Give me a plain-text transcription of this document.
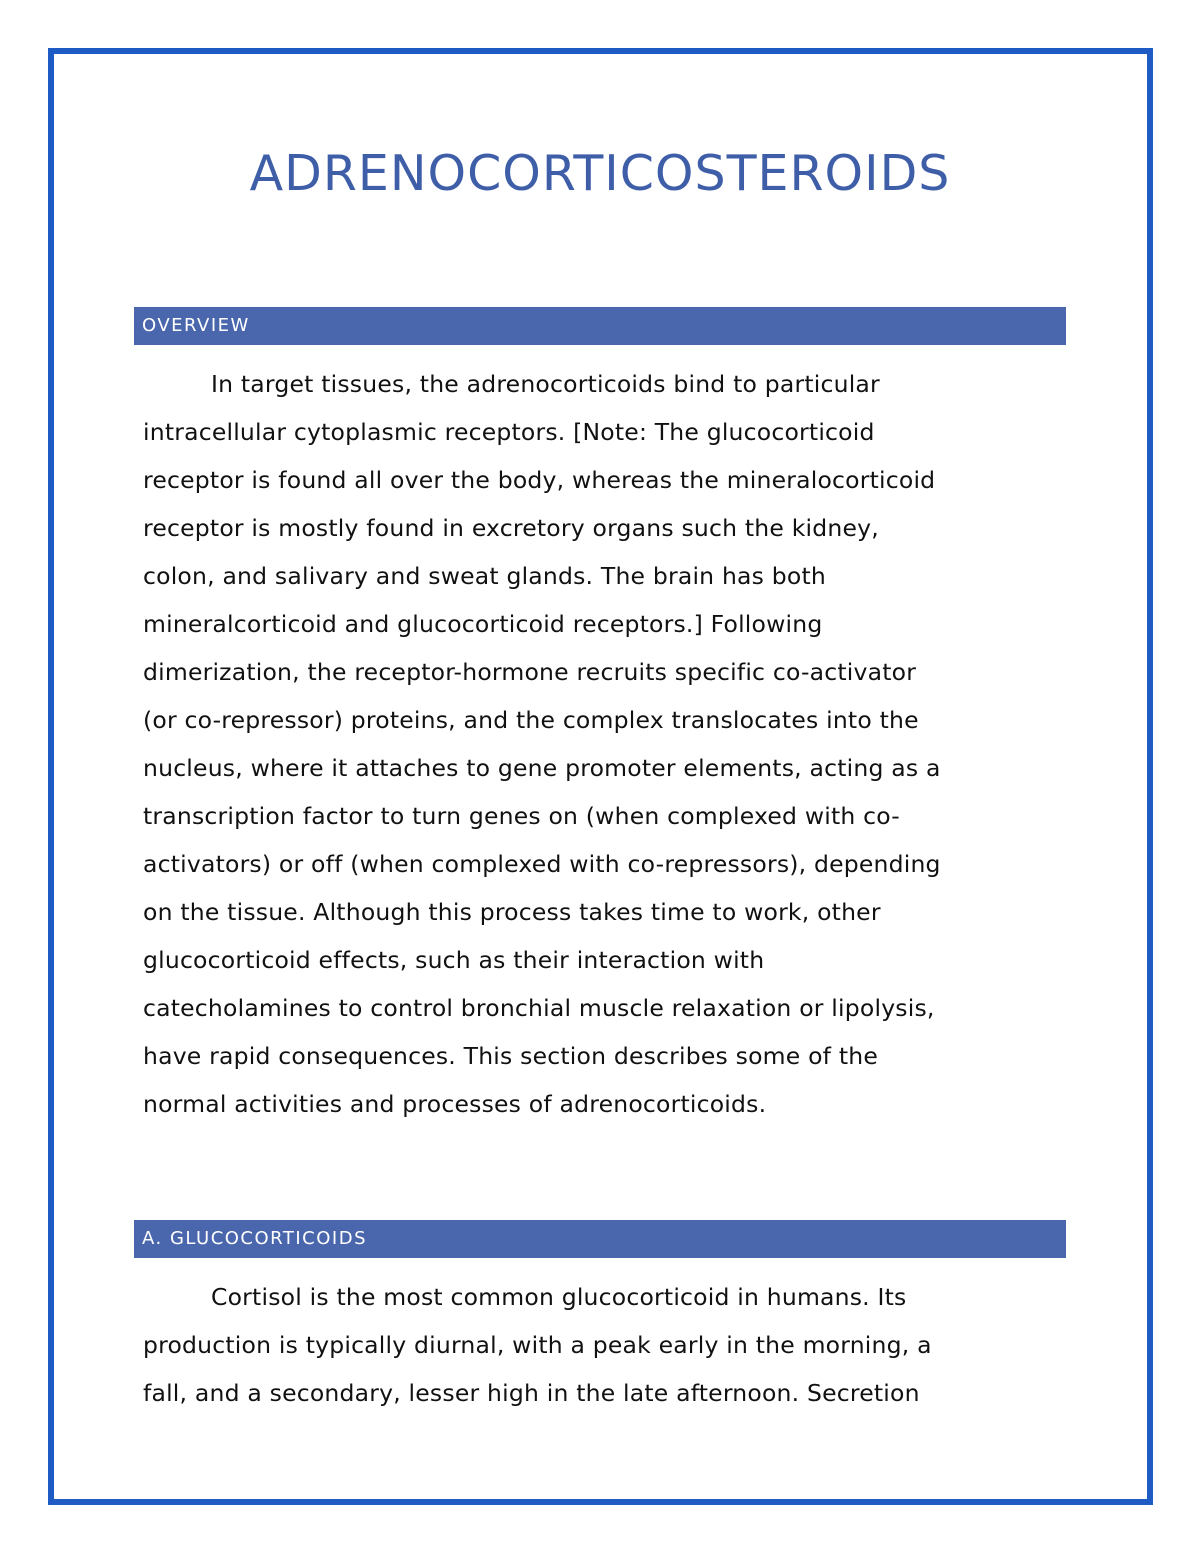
ADRENOCORTICOSTEROIDS
OVERVIEW

In target tissues, the adrenocorticoids bind to particular
intracellular cytoplasmic receptors. [Note: The glucocorticoid
receptor is found all over the body, whereas the mineralocorticoid
receptor is mostly found in excretory organs such the kidney,
colon, and salivary and sweat glands. The brain has both
mineralcorticoid and glucocorticoid receptors.] Following
dimerization, the receptor-hormone recruits specific co-activator
(or co-repressor) proteins, and the complex translocates into the
nucleus, where it attaches to gene promoter elements, acting as a
transcription factor to turn genes on (when complexed with co-
activators) or off (when complexed with co-repressors), depending
on the tissue. Although this process takes time to work, other
glucocorticoid effects, such as their interaction with
catecholamines to control bronchial muscle relaxation or lipolysis,
have rapid consequences. This section describes some of the
normal activities and processes of adrenocorticoids.

A. GLUCOCORTICOIDS

Cortisol is the most common glucocorticoid in humans. Its
production is typically diurnal, with a peak early in the morning, a
fall, and a secondary, lesser high in the late afternoon. Secretion
